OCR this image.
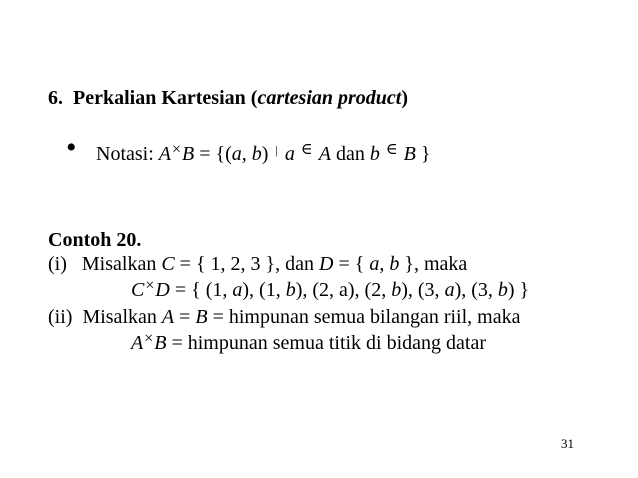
6. Perkalian Kartesian (cartesian product)
• Notasi: A×B = {(a, b) | a ∈ A dan b ∈ B }
Contoh 20.
(i) Misalkan C = { 1, 2, 3 }, dan D = { a, b }, maka
C×D = { (1, a), (1, b), (2, a), (2, b), (3, a), (3, b) }
(ii) Misalkan A = B = himpunan semua bilangan riil, maka
A×B = himpunan semua titik di bidang datar
31
